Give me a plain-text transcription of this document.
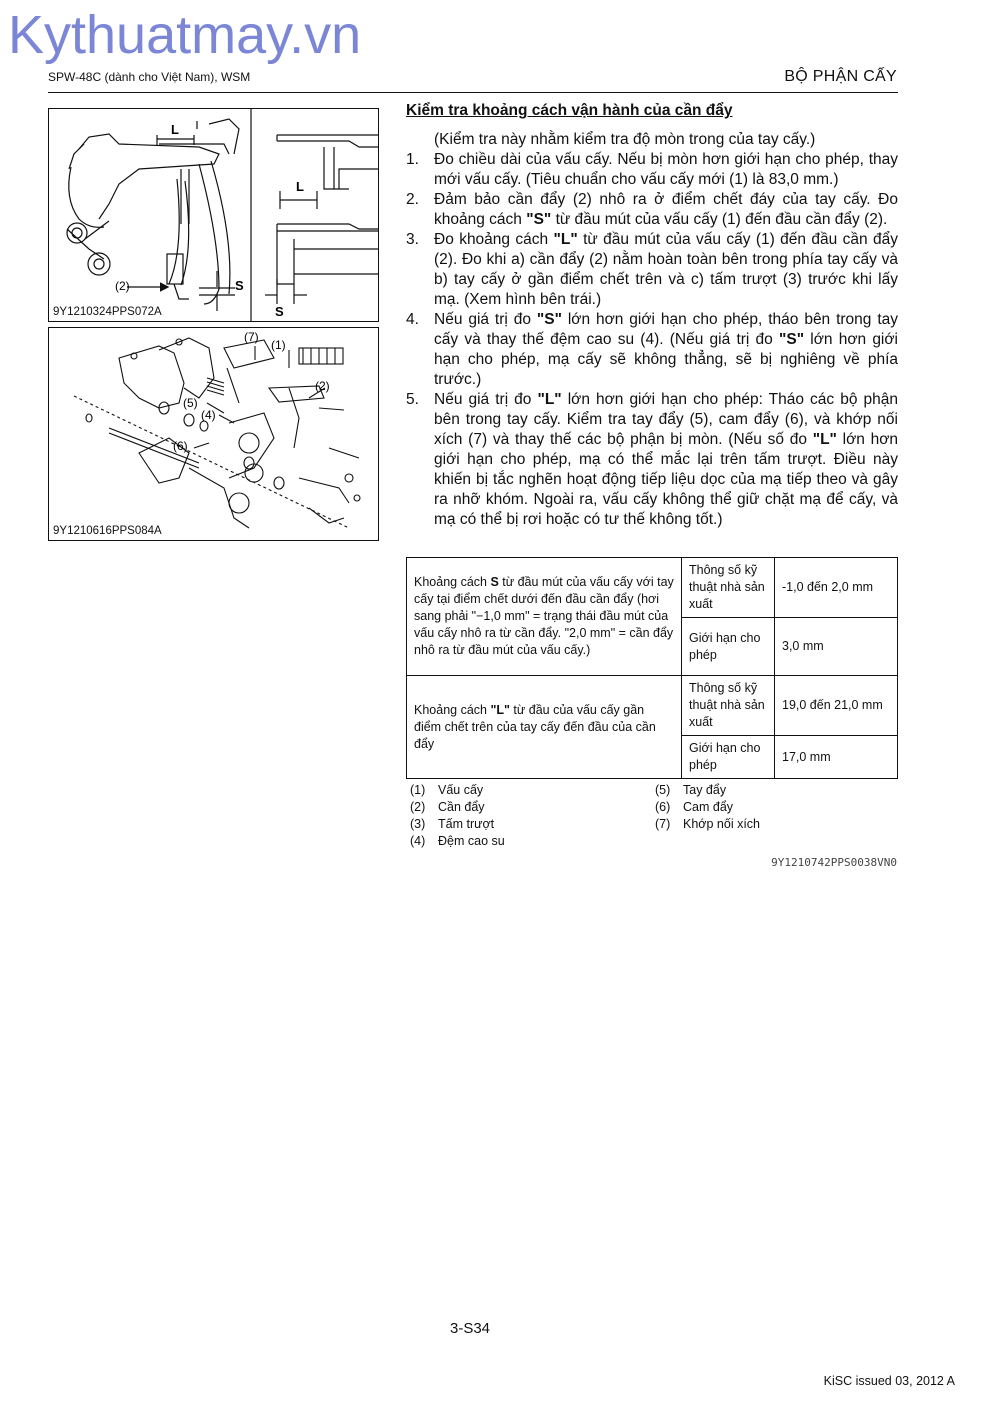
Kythuatmay.vn
SPW-48C (dành cho Việt Nam), WSM	BỘ PHẬN CẤY
L
L
S
S
(2)
9Y1210324PPS072A
(7)
(1)
(2)
(5)
(4)
(6)
9Y1210616PPS084A
Kiểm tra khoảng cách vận hành của cần đẩy
(Kiểm tra này nhằm kiểm tra độ mòn trong của tay cấy.)
1. Đo chiều dài của vấu cấy. Nếu bị mòn hơn giới hạn cho phép, thay mới vấu cấy. (Tiêu chuẩn cho vấu cấy mới (1) là 83,0 mm.)
2. Đảm bảo cần đẩy (2) nhô ra ở điểm chết đáy của tay cấy. Đo khoảng cách "S" từ đầu mút của vấu cấy (1) đến đầu cần đẩy (2).
3. Đo khoảng cách "L" từ đầu mút của vấu cấy (1) đến đầu cần đẩy (2). Đo khi a) cần đẩy (2) nằm hoàn toàn bên trong phía tay cấy và b) tay cấy ở gần điểm chết trên và c) tấm trượt (3) trước khi lấy mạ. (Xem hình bên trái.)
4. Nếu giá trị đo "S" lớn hơn giới hạn cho phép, tháo bên trong tay cấy và thay thế đệm cao su (4). (Nếu giá trị đo "S" lớn hơn giới hạn cho phép, mạ cấy sẽ không thẳng, sẽ bị nghiêng về phía trước.)
5. Nếu giá trị đo "L" lớn hơn giới hạn cho phép: Tháo các bộ phận bên trong tay cấy. Kiểm tra tay đẩy (5), cam đẩy (6), và khớp nối xích (7) và thay thế các bộ phận bị mòn. (Nếu số đo "L" lớn hơn giới hạn cho phép, mạ có thể mắc lại trên tấm trượt. Điều này khiến bị tắc nghẽn hoạt động tiếp liệu dọc của mạ tiếp theo và gây ra nhỡ khóm. Ngoài ra, vấu cấy không thể giữ chặt mạ để cấy, và mạ có thể bị rơi hoặc có tư thế không tốt.)
Khoảng cách S từ đầu mút của vấu cấy với tay cấy tại điểm chết dưới đến đầu cần đẩy (hơi sang phải "−1,0 mm" = trạng thái đầu mút của vấu cấy nhô ra từ cần đẩy. "2,0 mm" = cần đẩy nhô ra từ đầu mút của vấu cấy.)	Thông số kỹ thuật nhà sản xuất	-1,0 đến 2,0 mm
	Giới hạn cho phép	3,0 mm
Khoảng cách "L" từ đầu của vấu cấy gần điểm chết trên của tay cấy đến đầu của cần đẩy	Thông số kỹ thuật nhà sản xuất	19,0 đến 21,0 mm
	Giới hạn cho phép	17,0 mm
(1) Vấu cấy
(2) Cần đẩy
(3) Tấm trượt
(4) Đệm cao su
(5) Tay đẩy
(6) Cam đẩy
(7) Khớp nối xích
9Y1210742PPS0038VN0
3-S34
KiSC issued 03, 2012 A
